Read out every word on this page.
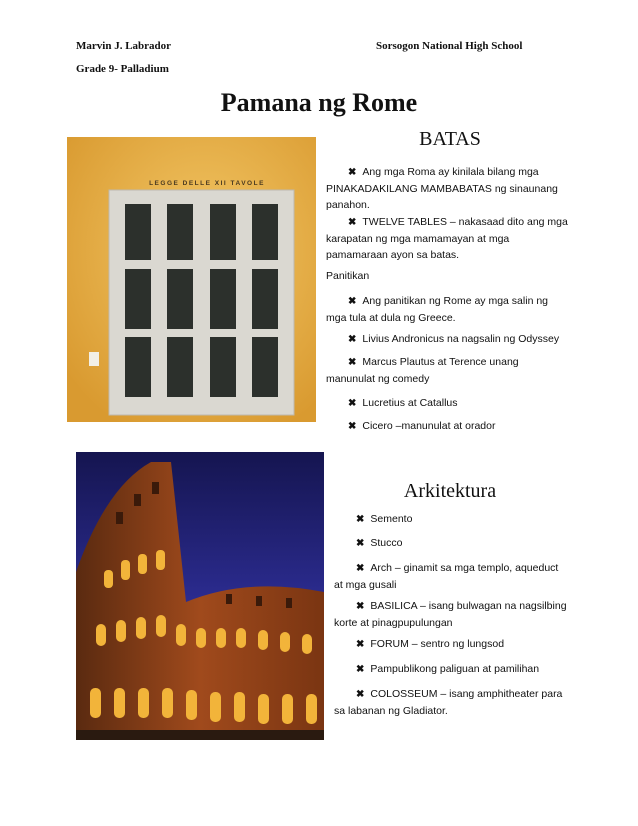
Marvin J. Labrador	Sorsogon National High School
Grade 9- Palladium
Pamana ng Rome
LEGGE DELLE XII TAVOLE
BATAS
✖ Ang mga Roma ay kinilala bilang mga
PINAKADAKILANG MAMBABATAS ng sinaunang
panahon.
✖ TWELVE TABLES – nakasaad dito ang mga
karapatan ng mga mamamayan at mga
pamamaraan ayon sa batas.
Panitikan
✖ Ang panitikan ng Rome ay mga salin ng
mga tula at dula ng Greece.
✖ Livius Andronicus na nagsalin ng Odyssey
✖ Marcus Plautus at Terence unang
manunulat ng comedy
✖ Lucretius at Catallus
✖ Cicero –manunulat at orador
Arkitektura
✖ Semento
✖ Stucco
✖ Arch – ginamit sa mga templo, aqueduct
at mga gusali
✖ BASILICA – isang bulwagan na nagsilbing
korte at pinagpupulungan
✖ FORUM – sentro ng lungsod
✖ Pampublikong paliguan at pamilihan
✖ COLOSSEUM – isang amphitheater para
sa labanan ng Gladiator.
